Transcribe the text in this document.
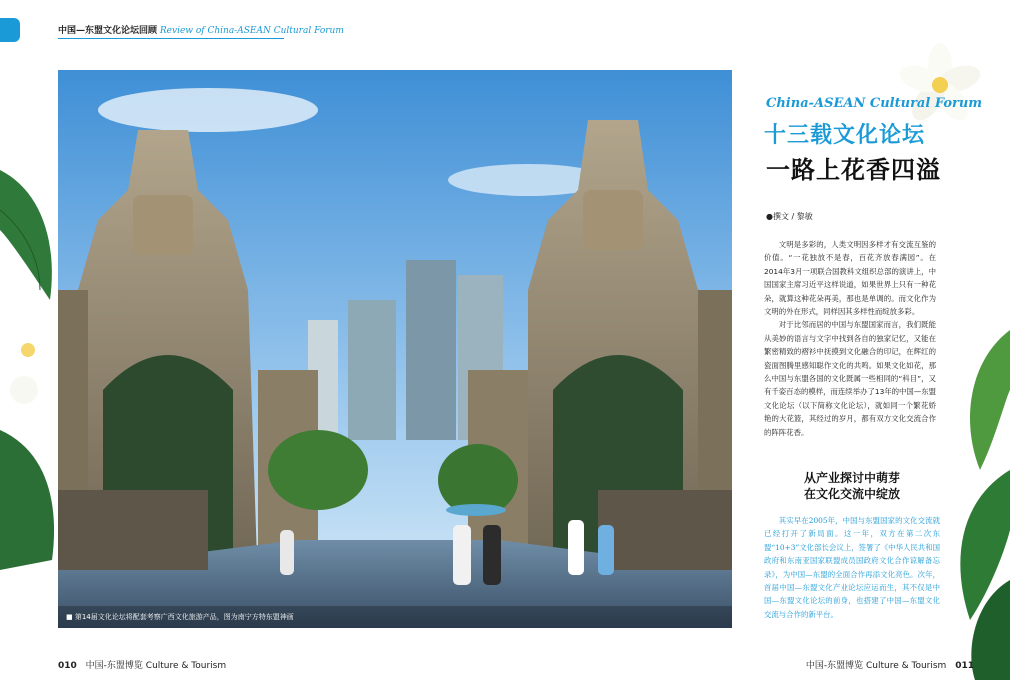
中国—东盟文化论坛回顾 Review of China-ASEAN Cultural Forum
■ 第14届文化论坛将配套考察广西文化旅游产品，图为南宁方特东盟神画
China-ASEAN Cultural Forum
十三载文化论坛
一路上花香四溢
●撰文 / 黎敏

文明是多彩的，人类文明因多样才有交流互鉴的价值。“一花独放不是春，百花齐放春满园”。在2014年3月一项联合国教科文组织总部的演讲上，中国国家主席习近平这样说道，如果世界上只有一种花朵，就算这种花朵再美，那也是单调的。而文化作为文明的外在形式，同样因其多样性而绽放多彩。

对于比邻而居的中国与东盟国家而言，我们既能从美妙的语言与文字中找到各自的独家记忆，又能在繁密精致的褶衫中抚摸到文化融合的印记，在辉红的瓷面图腾里感知聪作文化的共鸣。如果文化如花，那么中国与东盟各国的文化既属一些相同的“科目”，又有千姿百态的模样，而连续举办了13年的中国—东盟文化论坛（以下简称文化论坛），就如同一个繁花娇艳的大花篮，其经过的岁月，都有双方文化交流合作的阵阵花香。

从产业探讨中萌芽
在文化交流中绽放

其实早在2005年，中国与东盟国家的文化交流就已经打开了新局面。这一年，双方在第二次东盟“10+3”文化部长会议上，签署了《中华人民共和国政府和东南亚国家联盟成员国政府文化合作谅解备忘录》，为中国—东盟的全面合作再添文化亮色。次年，首届中国—东盟文化产业论坛应运而生，其不仅是中国—东盟文化论坛的前身，也搭建了中国—东盟文化交流与合作的新平台。

010 中国-东盟博览 Culture & Tourism	中国-东盟博览 Culture & Tourism 011
